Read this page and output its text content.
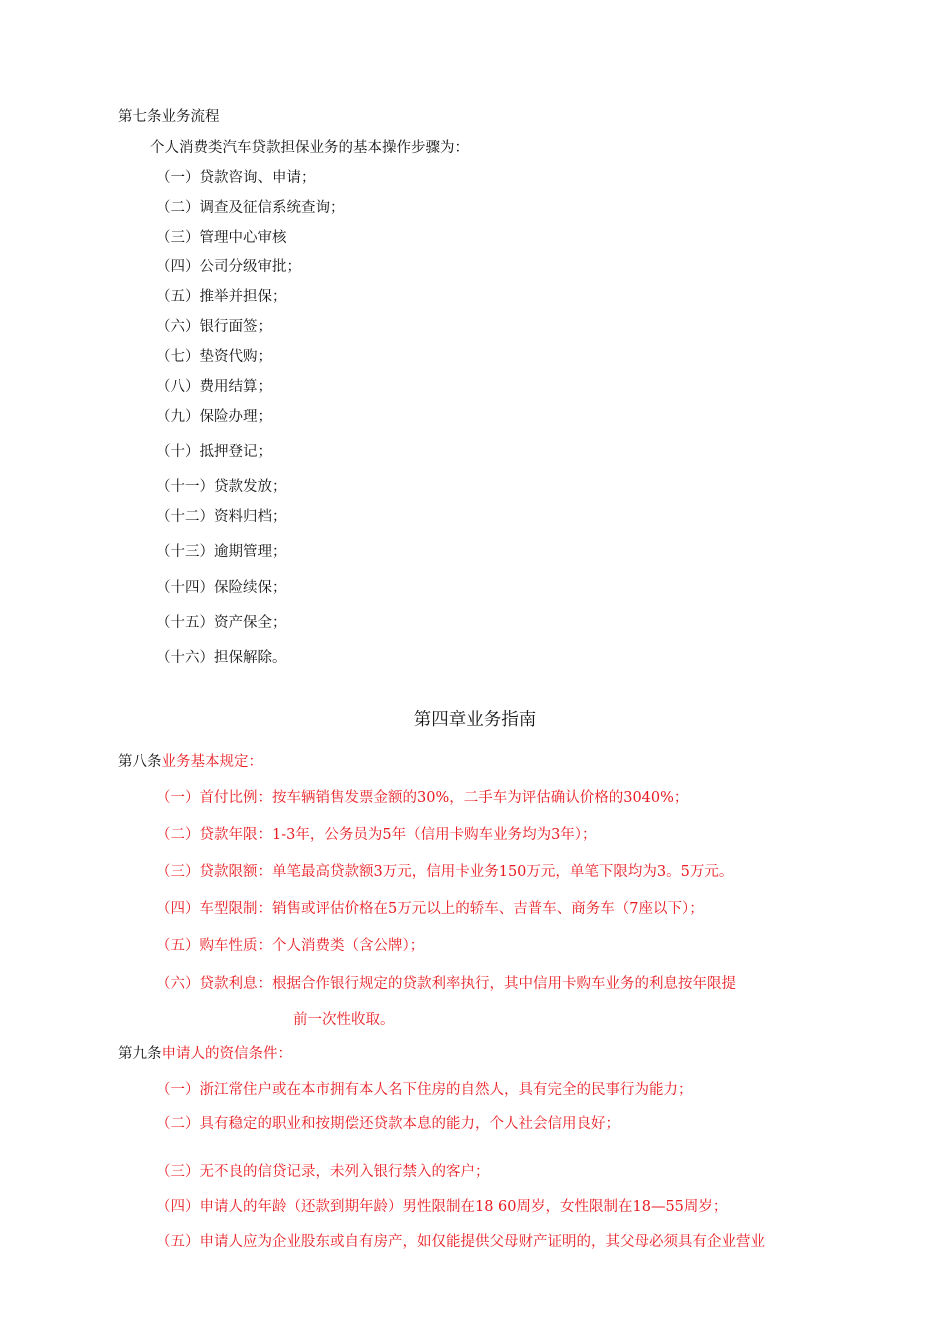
第七条业务流程
个人消费类汽车贷款担保业务的基本操作步骤为：
（一）贷款咨询、申请；
（二）调查及征信系统查询；
（三）管理中心审核
（四）公司分级审批；
（五）推举并担保；
（六）银行面签；
（七）垫资代购；
（八）费用结算；
（九）保险办理；
（十）抵押登记；
（十一）贷款发放；
（十二）资料归档；
（十三）逾期管理；
（十四）保险续保；
（十五）资产保全；
（十六）担保解除。
第四章业务指南
第八条业务基本规定：
（一）首付比例：按车辆销售发票金额的30%，二手车为评估确认价格的3040%；
（二）贷款年限：1-3年，公务员为5年（信用卡购车业务均为3年）；
（三）贷款限额：单笔最高贷款额3万元，信用卡业务150万元，单笔下限均为3。5万元。
（四）车型限制：销售或评估价格在5万元以上的轿车、吉普车、商务车（7座以下）；
（五）购车性质：个人消费类（含公牌）；
（六）贷款利息：根据合作银行规定的贷款利率执行，其中信用卡购车业务的利息按年限提
前一次性收取。
第九条申请人的资信条件：
（一）浙江常住户或在本市拥有本人名下住房的自然人，具有完全的民事行为能力；
（二）具有稳定的职业和按期偿还贷款本息的能力，个人社会信用良好；
（三）无不良的信贷记录，未列入银行禁入的客户；
（四）申请人的年龄（还款到期年龄）男性限制在18 60周岁，女性限制在18—55周岁；
（五）申请人应为企业股东或自有房产，如仅能提供父母财产证明的，其父母必须具有企业营业
